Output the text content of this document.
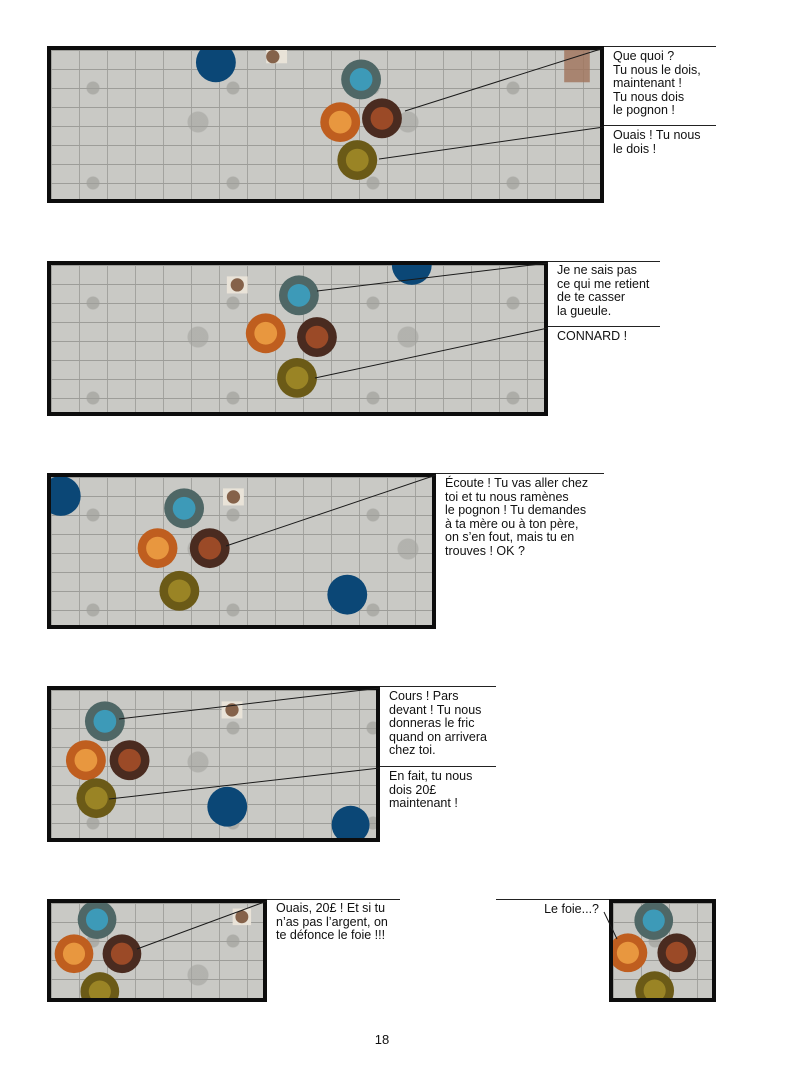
Que quoi ?
Tu nous le dois,
maintenant !
Tu nous dois
le pognon !

Ouais ! Tu nous
le dois !

Je ne sais pas
ce qui me retient
de te casser
la gueule.

CONNARD !

Écoute ! Tu vas aller chez
toi et tu nous ramènes
le pognon ! Tu demandes
à ta mère ou à ton père,
on s’en fout, mais tu en
trouves ! OK ?

Cours ! Pars
devant ! Tu nous
donneras le fric
quand on arrivera
chez toi.

En fait, tu nous
dois 20£
maintenant !

Ouais, 20£ ! Et si tu
n’as pas l’argent, on
te défonce le foie !!!

Le foie...?

18
